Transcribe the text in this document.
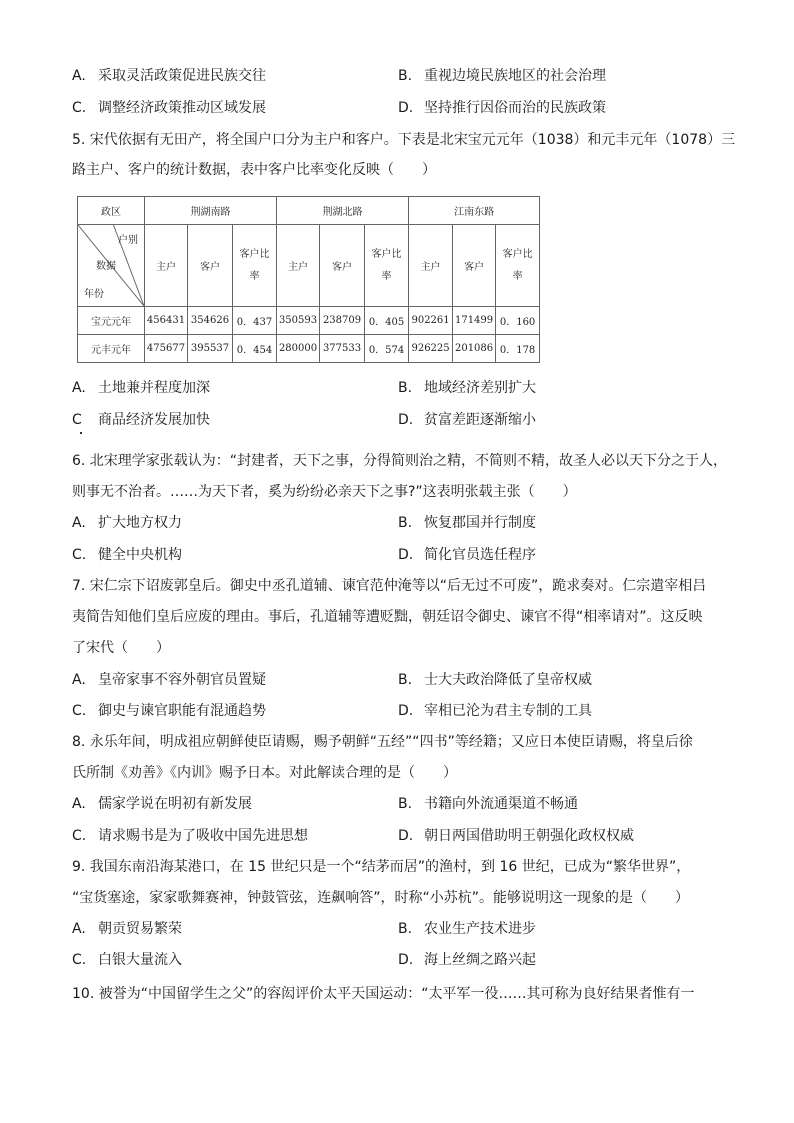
A. 采取灵活政策促进民族交往	B. 重视边境民族地区的社会治理
C. 调整经济政策推动区域发展	D. 坚持推行因俗而治的民族政策
5. 宋代依据有无田产，将全国户口分为主户和客户。下表是北宋宝元元年（1038）和元丰元年（1078）三
路主户、客户的统计数据，表中客户比率变化反映（　　）
政区	荆湖南路			荆湖北路			江南东路		

户别
数据
年份	主户	客户	客户比率	主户	客户	客户比率	主户	客户	客户比率
宝元元年	456431	354626	0．437	350593	238709	0．405	902261	171499	0．160
元丰元年	475677	395537	0．454	280000	377533	0．574	926225	201086	0．178
A. 土地兼并程度加深	B. 地域经济差别扩大
C 商品经济发展加快	D. 贫富差距逐渐缩小
6. 北宋理学家张载认为：“封建者，天下之事，分得简则治之精，不简则不精，故圣人必以天下分之于人，
则事无不治者。……为天下者，奚为纷纷必亲天下之事?”这表明张载主张（　　）
A. 扩大地方权力	B. 恢复郡国并行制度
C. 健全中央机构	D. 简化官员选任程序
7. 宋仁宗下诏废郭皇后。御史中丞孔道辅、谏官范仲淹等以“后无过不可废”，跪求奏对。仁宗遣宰相吕
夷简告知他们皇后应废的理由。事后，孔道辅等遭贬黜，朝廷诏令御史、谏官不得“相率请对”。这反映
了宋代（　　）
A. 皇帝家事不容外朝官员置疑	B. 士大夫政治降低了皇帝权威
C. 御史与谏官职能有混通趋势	D. 宰相已沦为君主专制的工具
8. 永乐年间，明成祖应朝鲜使臣请赐，赐予朝鲜“五经”“四书”等经籍；又应日本使臣请赐，将皇后徐
氏所制《劝善》《内训》赐予日本。对此解读合理的是（　　）
A. 儒家学说在明初有新发展	B. 书籍向外流通渠道不畅通
C. 请求赐书是为了吸收中国先进思想	D. 朝日两国借助明王朝强化政权权威
9. 我国东南沿海某港口，在 15 世纪只是一个“结茅而居”的渔村，到 16 世纪，已成为“繁华世界”，
“宝货塞途，家家歌舞赛神，钟鼓管弦，连飙响答”，时称“小苏杭”。能够说明这一现象的是（　　）
A. 朝贡贸易繁荣	B. 农业生产技术进步
C. 白银大量流入	D. 海上丝绸之路兴起
10. 被誉为“中国留学生之父”的容闳评价太平天国运动：“太平军一役……其可称为良好结果者惟有一
